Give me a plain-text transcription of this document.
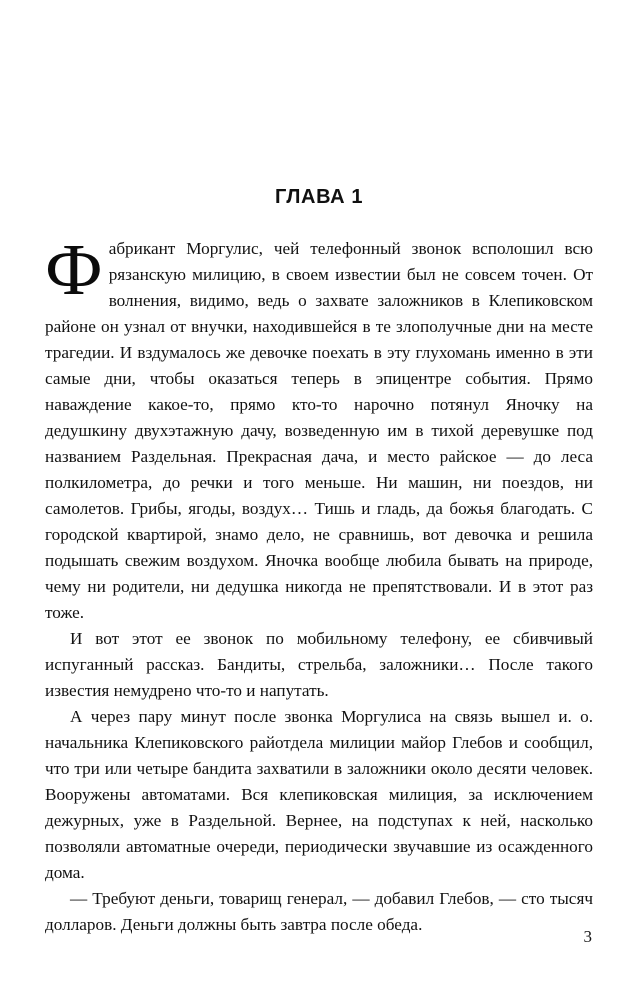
ГЛАВА 1

Фабрикант Моргулис, чей телефонный звонок всполошил всю рязанскую милицию, в своем известии был не совсем точен. От волнения, видимо, ведь о захвате заложников в Клепиковском районе он узнал от внучки, находившейся в те злополучные дни на месте трагедии. И вздумалось же девочке поехать в эту глухомань именно в эти самые дни, чтобы оказаться теперь в эпицентре события. Прямо наваждение какое-то, прямо кто-то нарочно потянул Яночку на дедушкину двухэтажную дачу, возведенную им в тихой деревушке под названием Раздельная. Прекрасная дача, и место райское — до леса полкилометра, до речки и того меньше. Ни машин, ни поездов, ни самолетов. Грибы, ягоды, воздух… Тишь и гладь, да божья благодать. С городской квартирой, знамо дело, не сравнишь, вот девочка и решила подышать свежим воздухом. Яночка вообще любила бывать на природе, чему ни родители, ни дедушка никогда не препятствовали. И в этот раз тоже.

И вот этот ее звонок по мобильному телефону, ее сбивчивый испуганный рассказ. Бандиты, стрельба, заложники… После такого известия немудрено что-то и напутать.

А через пару минут после звонка Моргулиса на связь вышел и. о. начальника Клепиковского райотдела милиции майор Глебов и сообщил, что три или четыре бандита захватили в заложники около десяти человек. Вооружены автоматами. Вся клепиковская милиция, за исключением дежурных, уже в Раздельной. Вернее, на подступах к ней, насколько позволяли автоматные очереди, периодически звучавшие из осажденного дома.

— Требуют деньги, товарищ генерал, — добавил Глебов, — сто тысяч долларов. Деньги должны быть завтра после обеда.

3
